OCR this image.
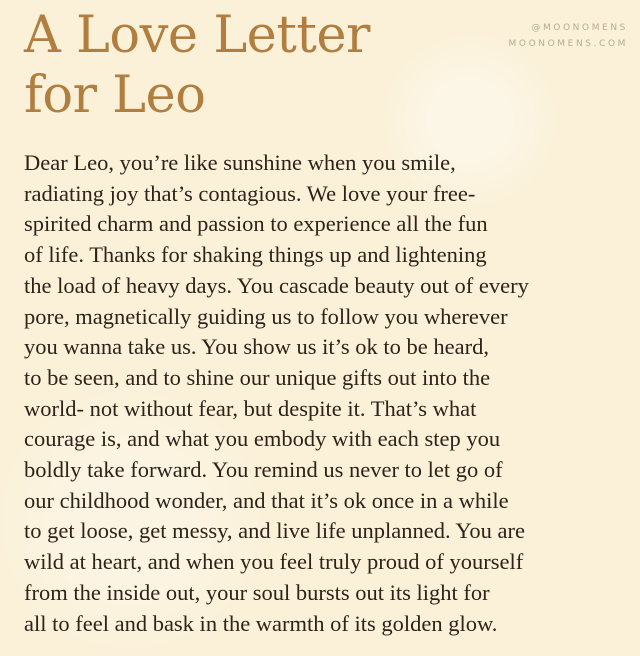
A Love Letter
for Leo
@MOONOMENS
MOONOMENS.COM

Dear Leo, you’re like sunshine when you smile,
radiating joy that’s contagious. We love your free-
spirited charm and passion to experience all the fun
of life. Thanks for shaking things up and lightening
the load of heavy days. You cascade beauty out of every
pore, magnetically guiding us to follow you wherever
you wanna take us. You show us it’s ok to be heard,
to be seen, and to shine our unique gifts out into the
world- not without fear, but despite it. That’s what
courage is, and what you embody with each step you
boldly take forward. You remind us never to let go of
our childhood wonder, and that it’s ok once in a while
to get loose, get messy, and live life unplanned. You are
wild at heart, and when you feel truly proud of yourself
from the inside out, your soul bursts out its light for
all to feel and bask in the warmth of its golden glow.
